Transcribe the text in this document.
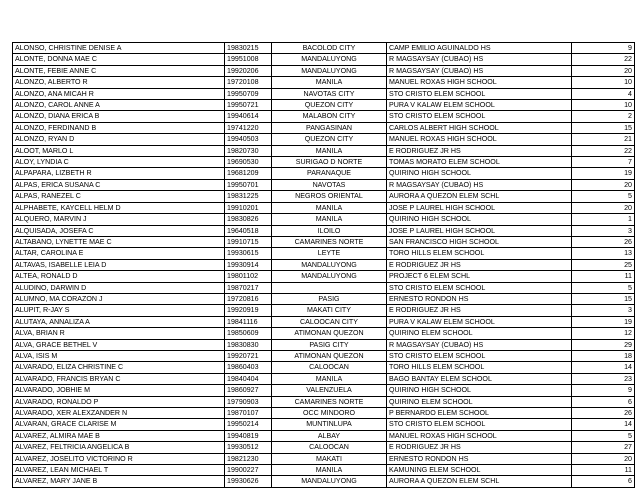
ALONSO, CHRISTINE DENISE A	19830215	BACOLOD CITY	CAMP EMILIO AGUINALDO HS	9
ALONTE, DONNA MAE C	19951008	MANDALUYONG	R MAGSAYSAY (CUBAO) HS	22
ALONTE, FEBIE ANNE C	19920206	MANDALUYONG	R MAGSAYSAY (CUBAO) HS	20
ALONZO, ALBERTO R	19720108	MANILA	MANUEL ROXAS HIGH SCHOOL	10
ALONZO, ANA MICAH R	19950709	NAVOTAS CITY	STO CRISTO ELEM SCHOOL	4
ALONZO, CAROL ANNE A	19950721	QUEZON CITY	PURA V KALAW ELEM SCHOOL	10
ALONZO, DIANA ERICA B	19940614	MALABON CITY	STO CRISTO ELEM SCHOOL	2
ALONZO, FERDINAND B	19741220	PANGASINAN	CARLOS ALBERT HIGH SCHOOL	15
ALONZO, RYAN D	19940503	QUEZON CITY	MANUEL ROXAS HIGH SCHOOL	21
ALOOT, MARLO L	19820730	MANILA	E RODRIGUEZ JR HS	22
ALOY, LYNDIA C	19690530	SURIGAO D NORTE	TOMAS MORATO ELEM SCHOOL	7
ALPAPARA, LIZBETH R	19681209	PARANAQUE	QUIRINO HIGH SCHOOL	19
ALPAS, ERICA SUSANA C	19950701	NAVOTAS	R MAGSAYSAY (CUBAO) HS	20
ALPAS, RANEZEL C	19831225	NEGROS ORIENTAL	AURORA A QUEZON ELEM SCHL	5
ALPHABETE, KAYCELL HELM D	19910201	MANILA	JOSE P LAUREL HIGH SCHOOL	20
ALQUERO, MARVIN J	19830826	MANILA	QUIRINO HIGH SCHOOL	1
ALQUISADA, JOSEFA C	19640518	ILOILO	JOSE P LAUREL HIGH SCHOOL	3
ALTABANO, LYNETTE MAE C	19910715	CAMARINES NORTE	SAN FRANCISCO HIGH SCHOOL	26
ALTAR, CAROLINA E	19930615	LEYTE	TORO HILLS ELEM SCHOOL	13
ALTAVAS, ISABELLE LEIA D	19930914	MANDALUYONG	E RODRIGUEZ JR HS	25
ALTEA, RONALD D	19801102	MANDALUYONG	PROJECT 6 ELEM SCHL	11
ALUDINO, DARWIN D	19870217		STO CRISTO ELEM SCHOOL	5
ALUMNO, MA CORAZON J	19720816	PASIG	ERNESTO RONDON HS	15
ALUPIT, R-JAY S	19920919	MAKATI CITY	E RODRIGUEZ JR HS	3
ALUTAYA, ANNALIZA A	19841116	CALOOCAN CITY	PURA V KALAW ELEM SCHOOL	19
ALVA, BRIAN R	19850609	ATIMONAN QUEZON	QUIRINO ELEM SCHOOL	12
ALVA, GRACE BETHEL V	19830830	PASIG CITY	R MAGSAYSAY (CUBAO) HS	29
ALVA, ISIS M	19920721	ATIMONAN QUEZON	STO CRISTO ELEM SCHOOL	18
ALVARADO, ELIZA CHRISTINE C	19860403	CALOOCAN	TORO HILLS ELEM SCHOOL	14
ALVARADO, FRANCIS BRYAN C	19840404	MANILA	BAGO BANTAY ELEM SCHOOL	23
ALVARADO, JOBHIE M	19860927	VALENZUELA	QUIRINO HIGH SCHOOL	9
ALVARADO, RONALDO P	19790903	CAMARINES NORTE	QUIRINO ELEM SCHOOL	6
ALVARADO, XER ALEXZANDER N	19870107	OCC MINDORO	P BERNARDO ELEM SCHOOL	26
ALVARAN, GRACE CLARISE M	19950214	MUNTINLUPA	STO CRISTO ELEM SCHOOL	14
ALVAREZ, ALMIRA MAE B	19940819	ALBAY	MANUEL ROXAS HIGH SCHOOL	5
ALVAREZ, FELTRICIA ANGELICA B	19930512	CALOOCAN	E RODRIGUEZ JR HS	27
ALVAREZ, JOSELITO VICTORINO R	19821230	MAKATI	ERNESTO RONDON HS	20
ALVAREZ, LEAN MICHAEL T	19900227	MANILA	KAMUNING ELEM SCHOOL	11
ALVAREZ, MARY JANE B	19930626	MANDALUYONG	AURORA A QUEZON ELEM SCHL	6
